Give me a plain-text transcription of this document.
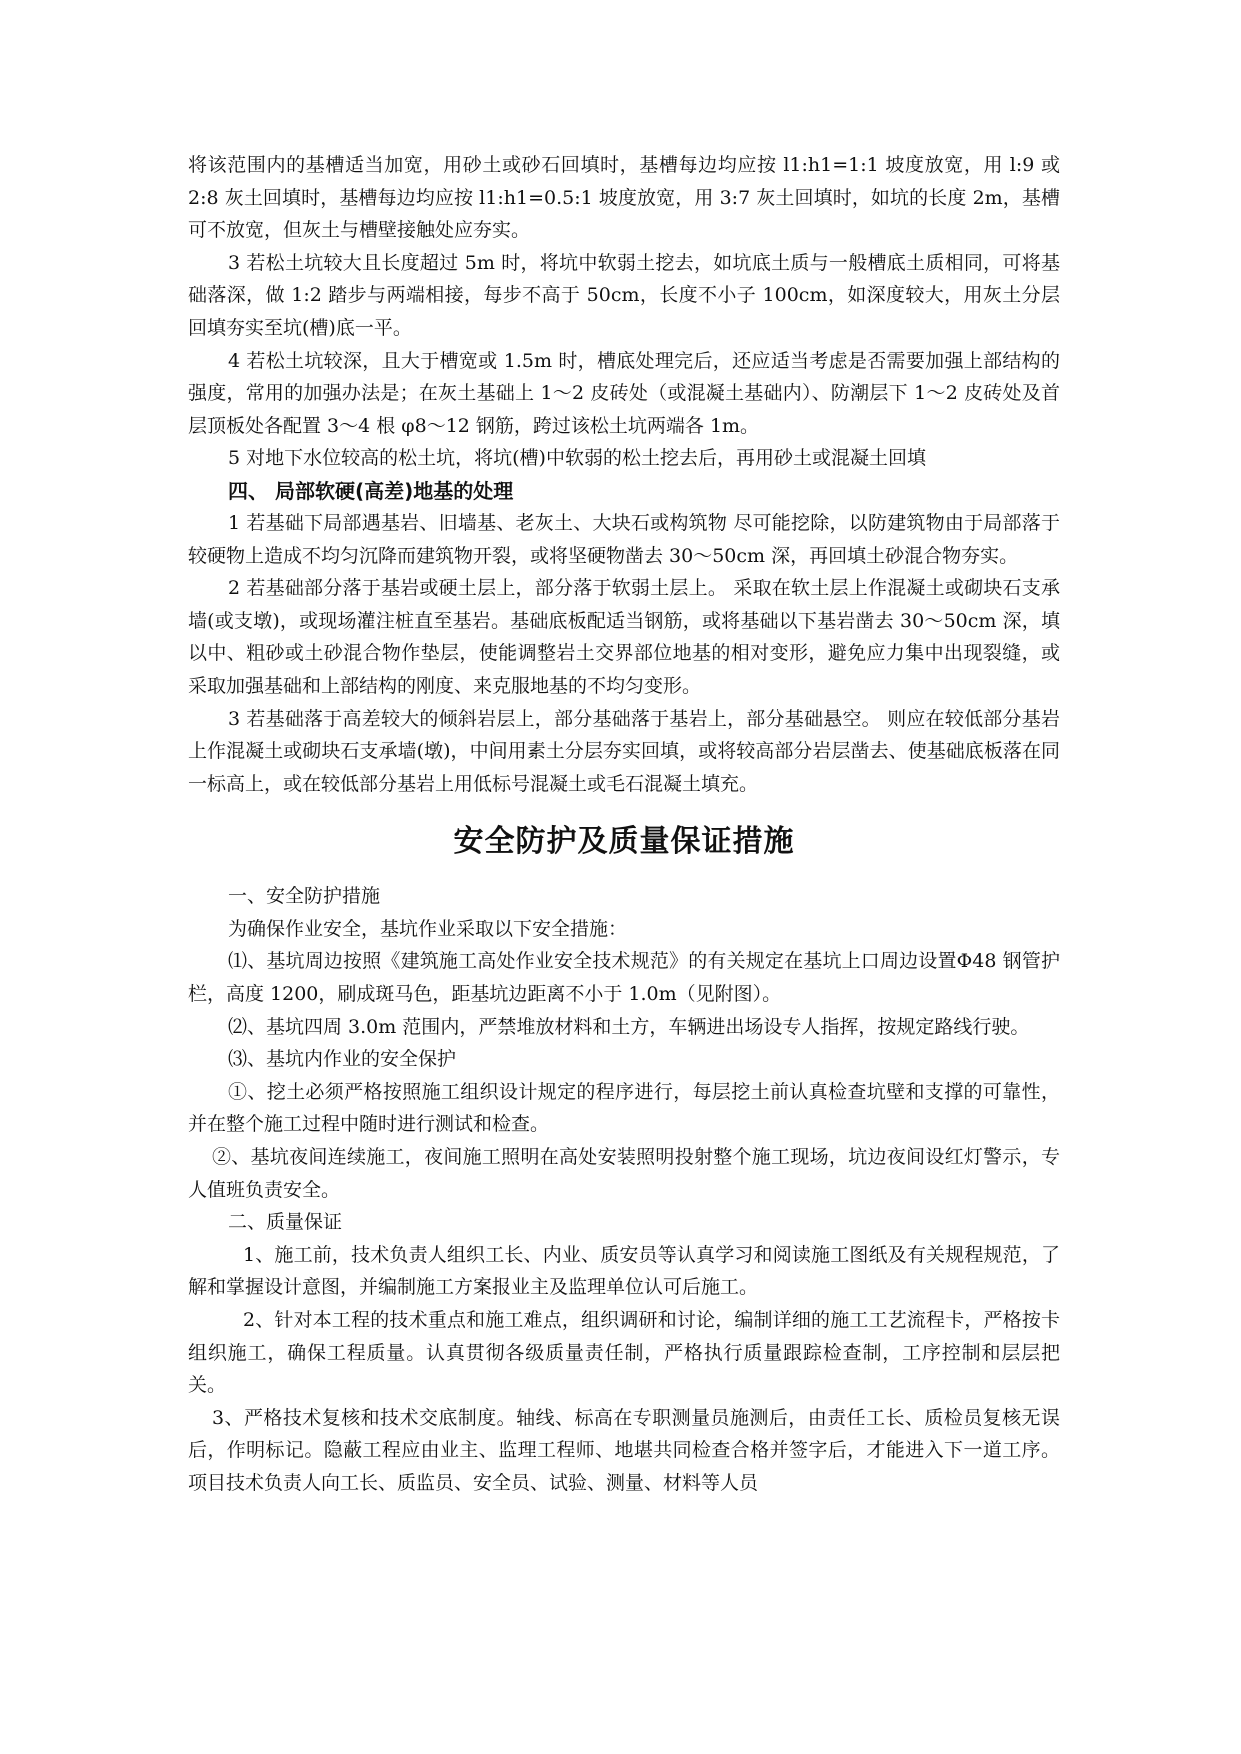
将该范围内的基槽适当加宽，用砂土或砂石回填时，基槽每边均应按 l1:h1=1:1 坡度放宽，用 l:9 或 2:8 灰土回填时，基槽每边均应按 l1:h1=0.5:1 坡度放宽，用 3:7 灰土回填时，如坑的长度 2m，基槽可不放宽，但灰土与槽壁接触处应夯实。

3 若松土坑较大且长度超过 5m 时，将坑中软弱土挖去，如坑底土质与一般槽底土质相同，可将基础落深，做 1:2 踏步与两端相接，每步不高于 50cm，长度不小子 100cm，如深度较大，用灰土分层回填夯实至坑(槽)底一平。

4 若松土坑较深，且大于槽宽或 1.5m 时，槽底处理完后，还应适当考虑是否需要加强上部结构的强度，常用的加强办法是；在灰土基础上 1～2 皮砖处（或混凝土基础内）、防潮层下 1～2 皮砖处及首层顶板处各配置 3～4 根 φ8～12 钢筋，跨过该松土坑两端各 1m。

5 对地下水位较高的松土坑，将坑(槽)中软弱的松土挖去后，再用砂土或混凝土回填

四、 局部软硬(高差)地基的处理

1 若基础下局部遇基岩、旧墙基、老灰土、大块石或构筑物 尽可能挖除，以防建筑物由于局部落于较硬物上造成不均匀沉降而建筑物开裂，或将坚硬物凿去 30～50cm 深，再回填土砂混合物夯实。

2 若基础部分落于基岩或硬土层上，部分落于软弱土层上。 采取在软土层上作混凝土或砌块石支承墙(或支墩)，或现场灌注桩直至基岩。基础底板配适当钢筋，或将基础以下基岩凿去 30～50cm 深，填以中、粗砂或土砂混合物作垫层，使能调整岩土交界部位地基的相对变形，避免应力集中出现裂缝，或采取加强基础和上部结构的刚度、来克服地基的不均匀变形。

3 若基础落于高差较大的倾斜岩层上，部分基础落于基岩上，部分基础悬空。 则应在较低部分基岩上作混凝土或砌块石支承墙(墩)，中间用素土分层夯实回填，或将较高部分岩层凿去、使基础底板落在同一标高上，或在较低部分基岩上用低标号混凝土或毛石混凝土填充。

安全防护及质量保证措施

一、安全防护措施

为确保作业安全，基坑作业采取以下安全措施：

⑴、基坑周边按照《建筑施工高处作业安全技术规范》的有关规定在基坑上口周边设置Φ48 钢管护栏，高度 1200，刷成斑马色，距基坑边距离不小于 1.0m（见附图）。

⑵、基坑四周 3.0m 范围内，严禁堆放材料和土方，车辆进出场设专人指挥，按规定路线行驶。

⑶、基坑内作业的安全保护

①、挖土必须严格按照施工组织设计规定的程序进行，每层挖土前认真检查坑壁和支撑的可靠性，并在整个施工过程中随时进行测试和检查。

②、基坑夜间连续施工，夜间施工照明在高处安装照明投射整个施工现场，坑边夜间设红灯警示，专人值班负责安全。

二、质量保证

1、施工前，技术负责人组织工长、内业、质安员等认真学习和阅读施工图纸及有关规程规范，了解和掌握设计意图，并编制施工方案报业主及监理单位认可后施工。

2、针对本工程的技术重点和施工难点，组织调研和讨论，编制详细的施工工艺流程卡，严格按卡组织施工，确保工程质量。认真贯彻各级质量责任制，严格执行质量跟踪检查制，工序控制和层层把关。

3、严格技术复核和技术交底制度。轴线、标高在专职测量员施测后，由责任工长、质检员复核无误后，作明标记。隐蔽工程应由业主、监理工程师、地堪共同检查合格并签字后，才能进入下一道工序。项目技术负责人向工长、质监员、安全员、试验、测量、材料等人员
